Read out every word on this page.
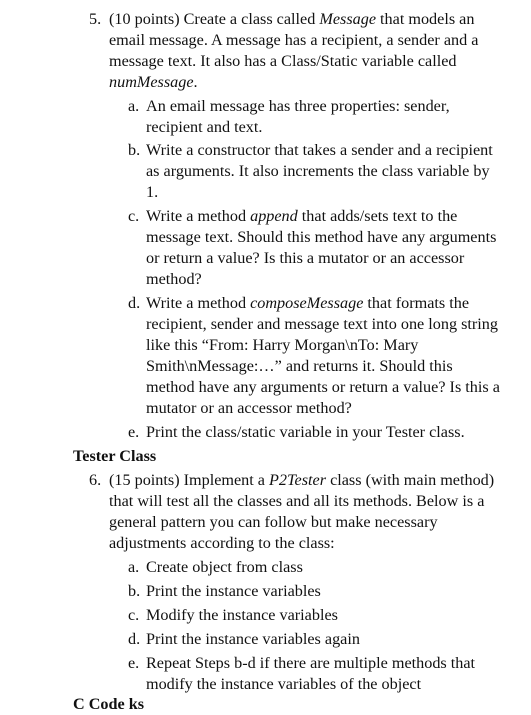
5. (10 points) Create a class called Message that models an
email message. A message has a recipient, a sender and a
message text. It also has a Class/Static variable called
numMessage.
a. An email message has three properties: sender,
recipient and text.
b. Write a constructor that takes a sender and a recipient
as arguments. It also increments the class variable by
1.
c. Write a method append that adds/sets text to the
message text. Should this method have any arguments
or return a value? Is this a mutator or an accessor
method?
d. Write a method composeMessage that formats the
recipient, sender and message text into one long string
like this “From: Harry Morgan\nTo: Mary
Smith\nMessage:…” and returns it. Should this
method have any arguments or return a value? Is this a
mutator or an accessor method?
e. Print the class/static variable in your Tester class.
Tester Class
6. (15 points) Implement a P2Tester class (with main method)
that will test all the classes and all its methods. Below is a
general pattern you can follow but make necessary
adjustments according to the class:
a. Create object from class
b. Print the instance variables
c. Modify the instance variables
d. Print the instance variables again
e. Repeat Steps b-d if there are multiple methods that
modify the instance variables of the object
C Code ks
